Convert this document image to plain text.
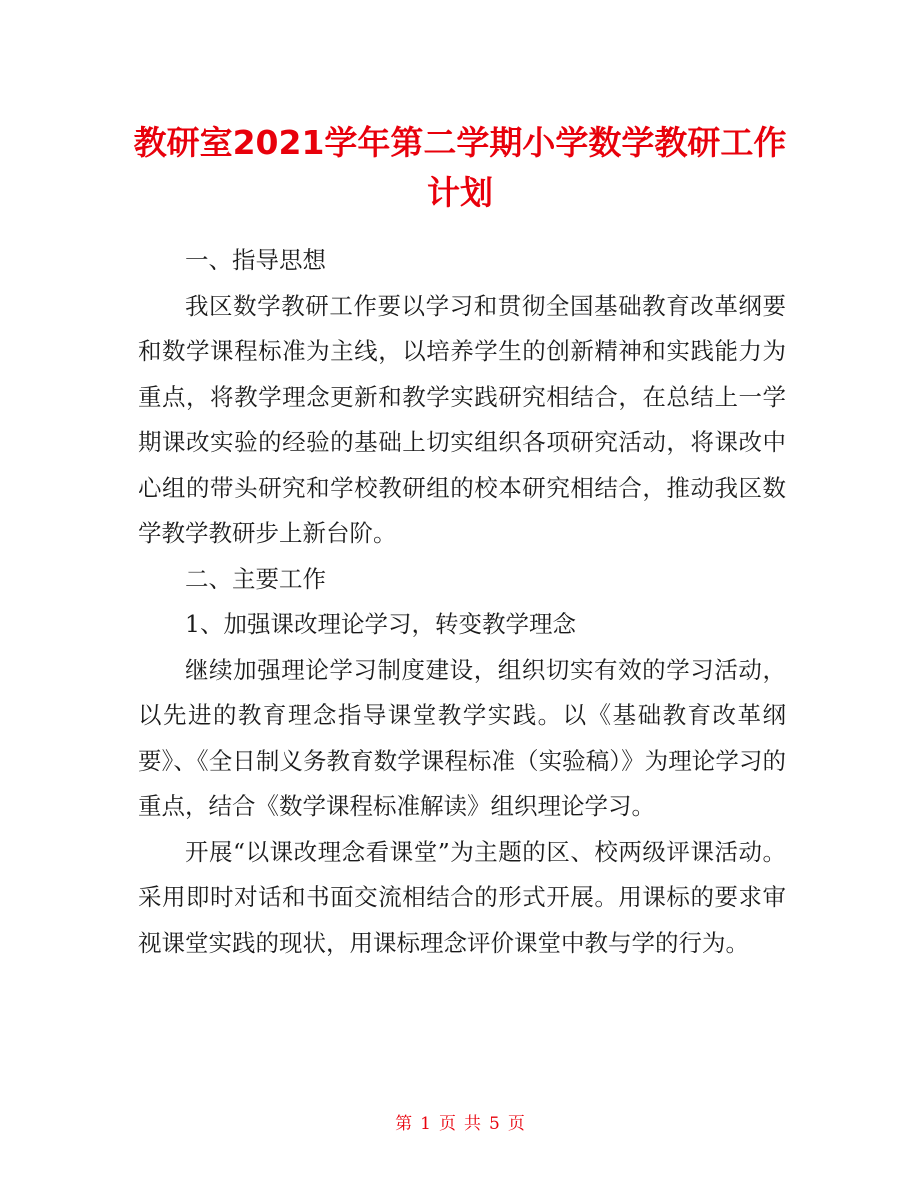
教研室2021学年第二学期小学数学教研工作计划

一、指导思想

我区数学教研工作要以学习和贯彻全国基础教育改革纲要和数学课程标准为主线，以培养学生的创新精神和实践能力为重点，将教学理念更新和教学实践研究相结合，在总结上一学期课改实验的经验的基础上切实组织各项研究活动，将课改中心组的带头研究和学校教研组的校本研究相结合，推动我区数学教学教研步上新台阶。

二、主要工作

1、加强课改理论学习，转变教学理念

继续加强理论学习制度建设，组织切实有效的学习活动，以先进的教育理念指导课堂教学实践。以《基础教育改革纲要》、《全日制义务教育数学课程标准（实验稿）》为理论学习的重点，结合《数学课程标准解读》组织理论学习。

开展“以课改理念看课堂”为主题的区、校两级评课活动。采用即时对话和书面交流相结合的形式开展。用课标的要求审视课堂实践的现状，用课标理念评价课堂中教与学的行为。

第 1 页 共 5 页
